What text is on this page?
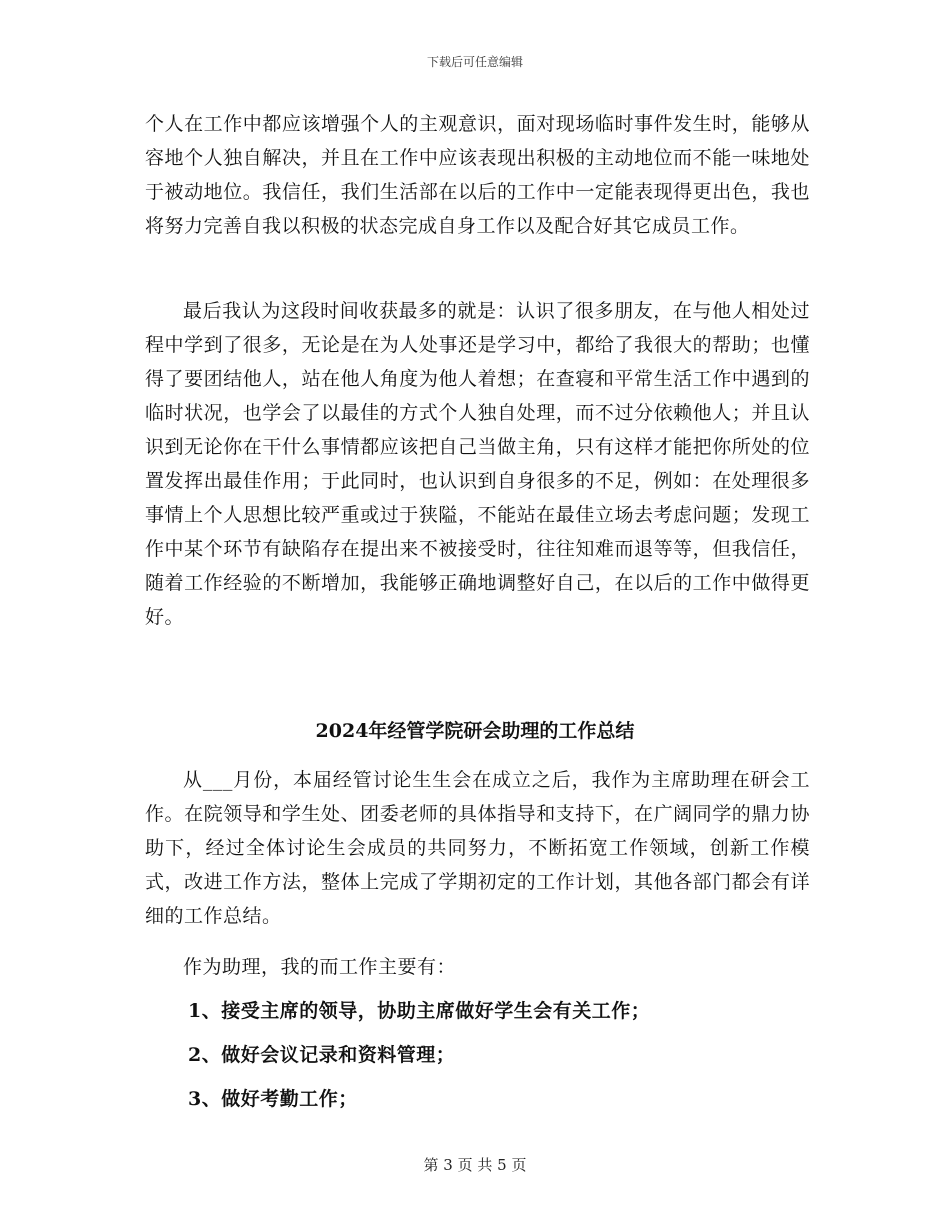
下载后可任意编辑

个人在工作中都应该增强个人的主观意识，面对现场临时事件发生时，能够从容地个人独自解决，并且在工作中应该表现出积极的主动地位而不能一味地处于被动地位。我信任，我们生活部在以后的工作中一定能表现得更出色，我也将努力完善自我以积极的状态完成自身工作以及配合好其它成员工作。

最后我认为这段时间收获最多的就是：认识了很多朋友，在与他人相处过程中学到了很多，无论是在为人处事还是学习中，都给了我很大的帮助；也懂得了要团结他人，站在他人角度为他人着想；在查寝和平常生活工作中遇到的临时状况，也学会了以最佳的方式个人独自处理，而不过分依赖他人；并且认识到无论你在干什么事情都应该把自己当做主角，只有这样才能把你所处的位置发挥出最佳作用；于此同时，也认识到自身很多的不足，例如：在处理很多事情上个人思想比较严重或过于狭隘，不能站在最佳立场去考虑问题；发现工作中某个环节有缺陷存在提出来不被接受时，往往知难而退等等，但我信任，随着工作经验的不断增加，我能够正确地调整好自己，在以后的工作中做得更好。

2024年经管学院研会助理的工作总结

从___月份，本届经管讨论生生会在成立之后，我作为主席助理在研会工作。在院领导和学生处、团委老师的具体指导和支持下，在广阔同学的鼎力协助下，经过全体讨论生会成员的共同努力，不断拓宽工作领域，创新工作模式，改进工作方法，整体上完成了学期初定的工作计划，其他各部门都会有详细的工作总结。

作为助理，我的而工作主要有：

1、接受主席的领导，协助主席做好学生会有关工作；

2、做好会议记录和资料管理；

3、做好考勤工作；

第 3 页 共 5 页
